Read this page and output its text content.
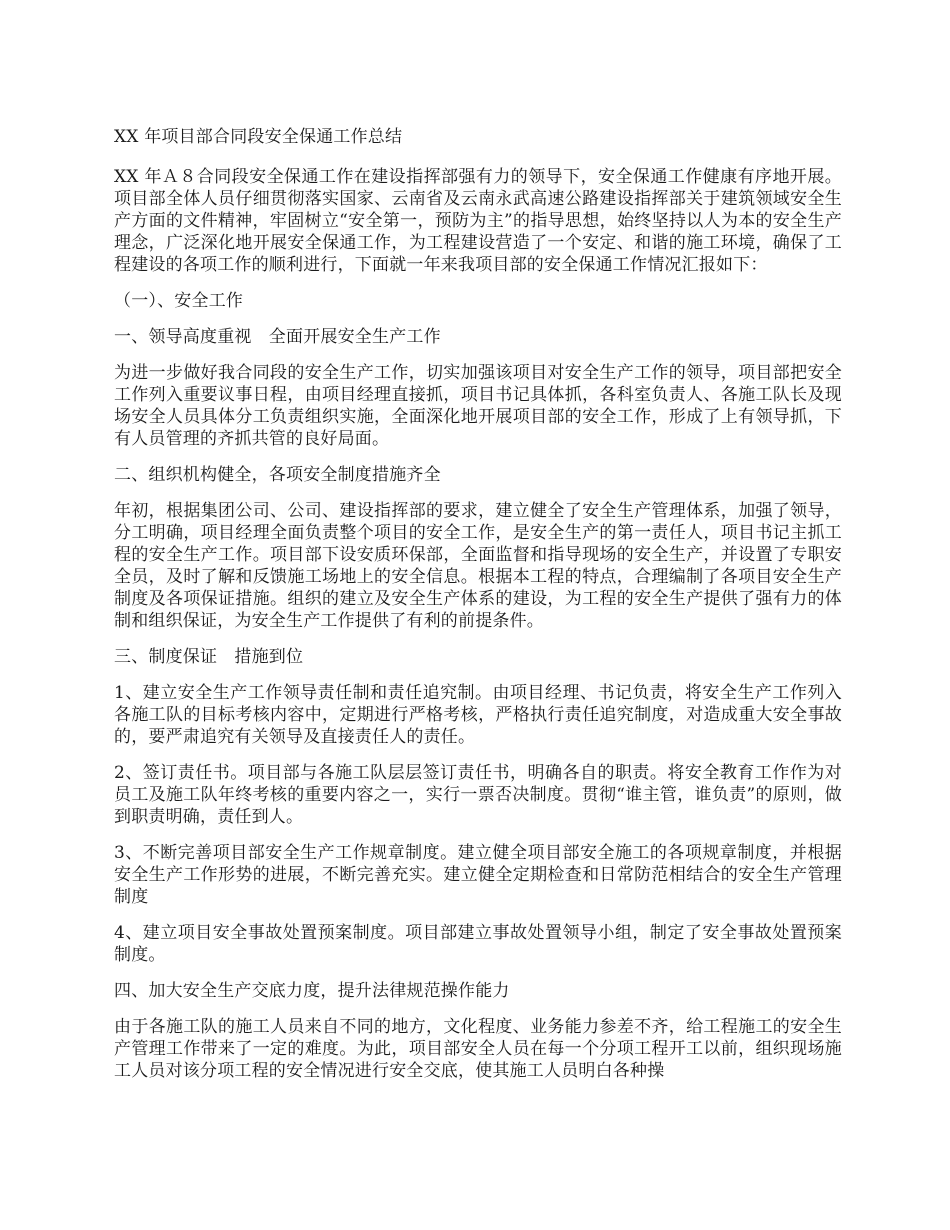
XX 年项目部合同段安全保通工作总结

XX 年Ａ８合同段安全保通工作在建设指挥部强有力的领导下，安全保通工作健康有序地开展。项目部全体人员仔细贯彻落实国家、云南省及云南永武高速公路建设指挥部关于建筑领域安全生产方面的文件精神，牢固树立“安全第一，预防为主”的指导思想，始终坚持以人为本的安全生产理念，广泛深化地开展安全保通工作，为工程建设营造了一个安定、和谐的施工环境，确保了工程建设的各项工作的顺利进行，下面就一年来我项目部的安全保通工作情况汇报如下：

（一）、安全工作

一、领导高度重视　全面开展安全生产工作

为进一步做好我合同段的安全生产工作，切实加强该项目对安全生产工作的领导，项目部把安全工作列入重要议事日程，由项目经理直接抓，项目书记具体抓，各科室负责人、各施工队长及现场安全人员具体分工负责组织实施，全面深化地开展项目部的安全工作，形成了上有领导抓，下有人员管理的齐抓共管的良好局面。

二、组织机构健全，各项安全制度措施齐全

年初，根据集团公司、公司、建设指挥部的要求，建立健全了安全生产管理体系，加强了领导，分工明确，项目经理全面负责整个项目的安全工作，是安全生产的第一责任人，项目书记主抓工程的安全生产工作。项目部下设安质环保部，全面监督和指导现场的安全生产，并设置了专职安全员，及时了解和反馈施工场地上的安全信息。根据本工程的特点，合理编制了各项目安全生产制度及各项保证措施。组织的建立及安全生产体系的建设，为工程的安全生产提供了强有力的体制和组织保证，为安全生产工作提供了有利的前提条件。

三、制度保证　措施到位

1、建立安全生产工作领导责任制和责任追究制。由项目经理、书记负责，将安全生产工作列入各施工队的目标考核内容中，定期进行严格考核，严格执行责任追究制度，对造成重大安全事故的，要严肃追究有关领导及直接责任人的责任。

2、签订责任书。项目部与各施工队层层签订责任书，明确各自的职责。将安全教育工作作为对员工及施工队年终考核的重要内容之一，实行一票否决制度。贯彻“谁主管，谁负责”的原则，做到职责明确，责任到人。

3、不断完善项目部安全生产工作规章制度。建立健全项目部安全施工的各项规章制度，并根据安全生产工作形势的进展，不断完善充实。建立健全定期检查和日常防范相结合的安全生产管理制度

4、建立项目安全事故处置预案制度。项目部建立事故处置领导小组，制定了安全事故处置预案制度。

四、加大安全生产交底力度，提升法律规范操作能力

由于各施工队的施工人员来自不同的地方，文化程度、业务能力参差不齐，给工程施工的安全生产管理工作带来了一定的难度。为此，项目部安全人员在每一个分项工程开工以前，组织现场施工人员对该分项工程的安全情况进行安全交底，使其施工人员明白各种操
